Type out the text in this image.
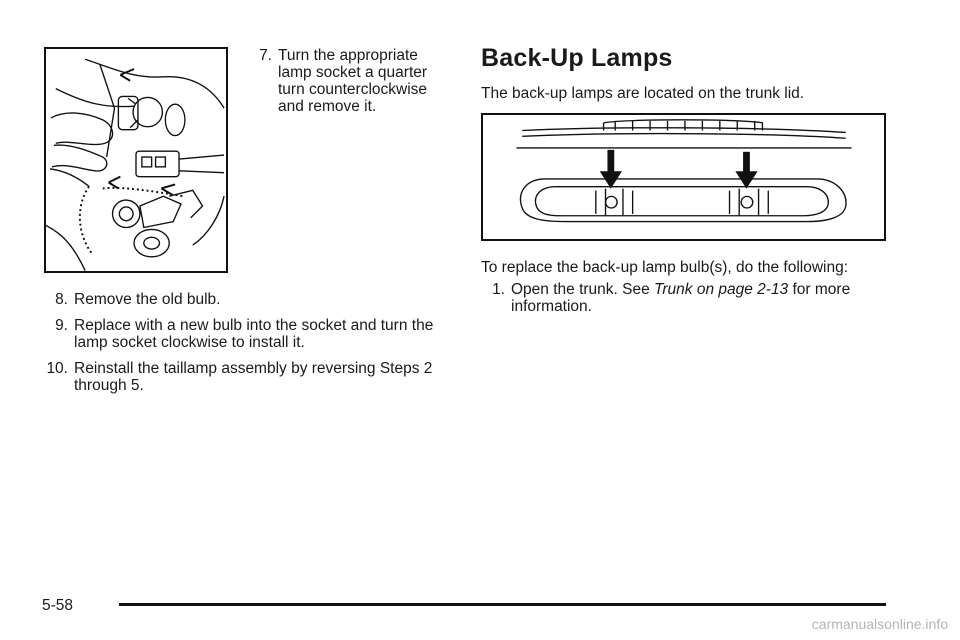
7. Turn the appropriate lamp socket a quarter turn counterclockwise and remove it.
8. Remove the old bulb.
9. Replace with a new bulb into the socket and turn the lamp socket clockwise to install it.
10. Reinstall the taillamp assembly by reversing Steps 2 through 5.
Back-Up Lamps
The back-up lamps are located on the trunk lid.
To replace the back-up lamp bulb(s), do the following:
1. Open the trunk. See Trunk on page 2-13 for more information.
5-58
carmanualsonline.info
